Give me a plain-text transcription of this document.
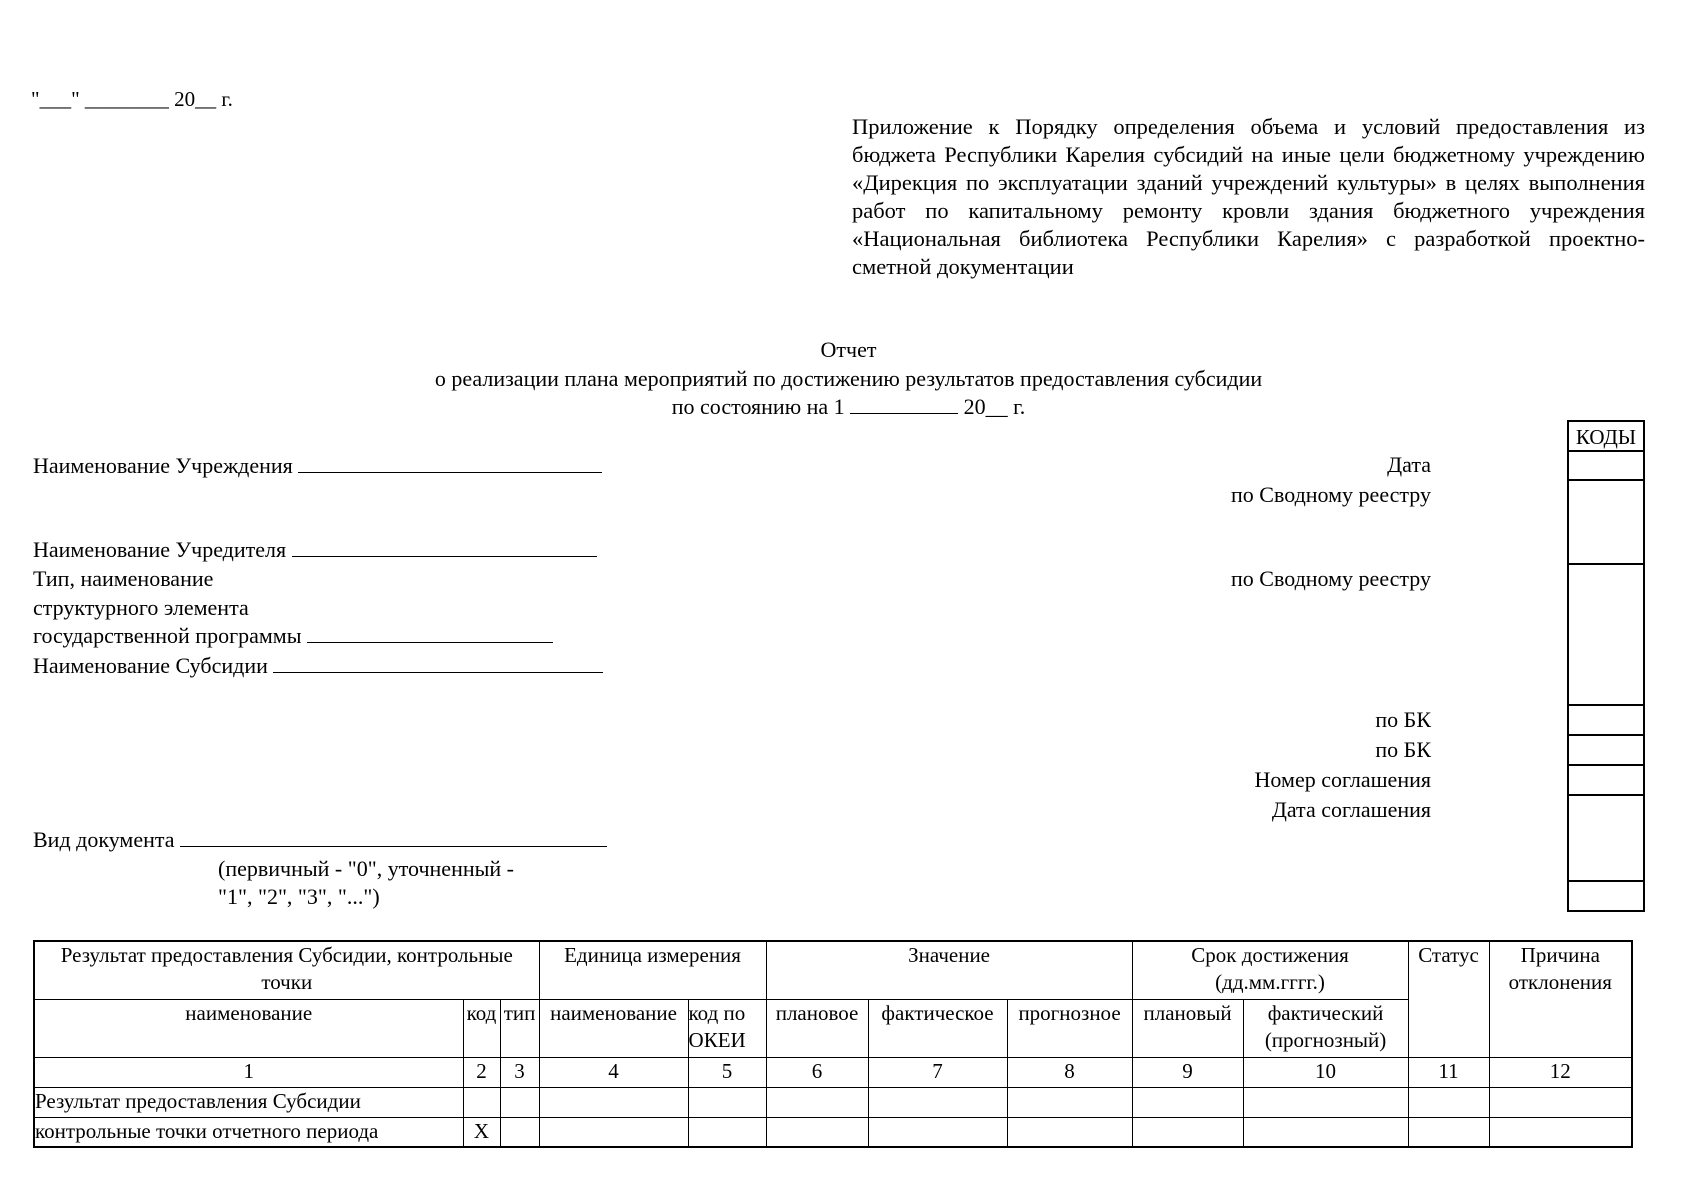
"___" ________ 20__ г.
Приложение к Порядку определения объема и условий предоставления из бюджета Республики Карелия субсидий на иные цели бюджетному учреждению «Дирекция по эксплуатации зданий учреждений культуры» в целях выполнения работ по капитальному ремонту кровли здания бюджетного учреждения «Национальная библиотека Республики Карелия» с разработкой проектно-сметной документации
Отчет
о реализации плана мероприятий по достижению результатов предоставления субсидии
по состоянию на 1	20__ г.
Наименование Учреждения
Наименование Учредителя
Тип, наименование
структурного элемента
государственной программы
Наименование Субсидии
Вид документа
(первичный - "0", уточненный -
"1", "2", "3", "...")
Дата
по Сводному реестру
по Сводному реестру
по БК
по БК
Номер соглашения
Дата соглашения
КОДЫ
Результат предоставления Субсидии, контрольные точки			Единица измерения		Значение			Срок достижения (дд.мм.гггг.)		Статус	Причина отклонения
наименование	код	тип	наименование	код по ОКЕИ	плановое	фактическое	прогнозное	плановый	фактический (прогнозный)		
1	2	3	4	5	6	7	8	9	10	11	12
Результат предоставления Субсидии											
контрольные точки отчетного периода	X										
